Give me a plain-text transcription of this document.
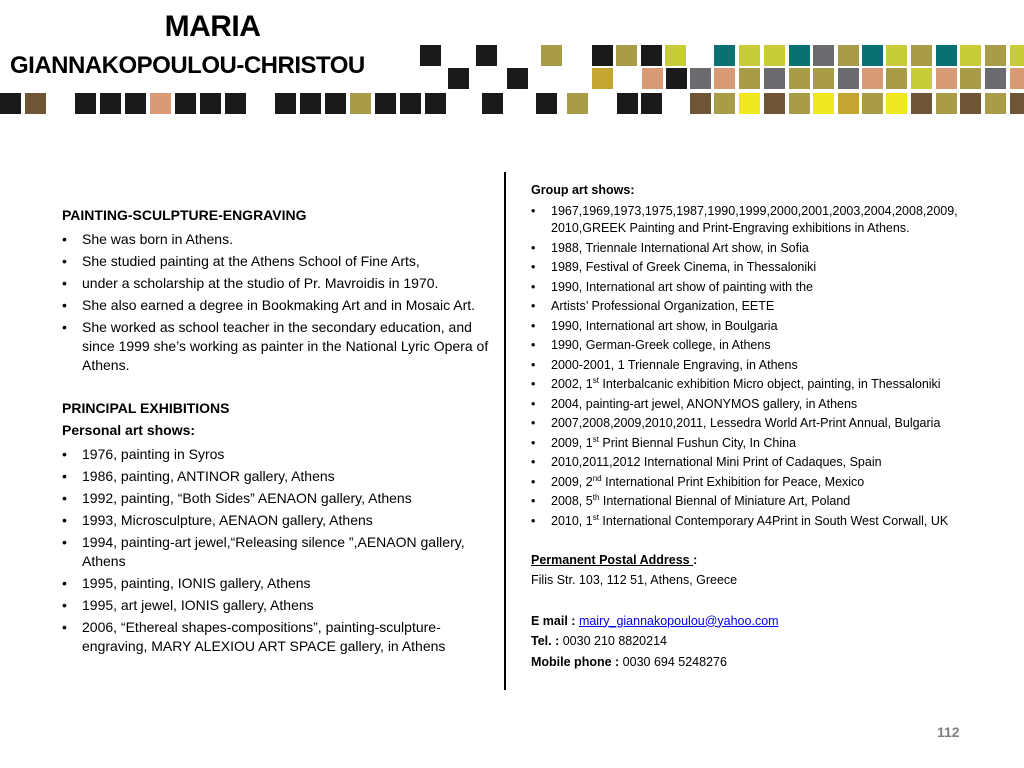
MARIA
GIANNAKOPOULOU-CHRISTOU
PAINTING-SCULPTURE-ENGRAVING
• She was born in Athens.
• She studied painting at the Athens School of Fine Arts,
• under a scholarship at the studio of Pr. Mavroidis in 1970.
• She also earned a degree in Bookmaking Art and in Mosaic Art.
• She worked as school teacher in the secondary education, and since 1999 she’s working as painter in the National Lyric Opera of Athens.
PRINCIPAL EXHIBITIONS
Personal art shows:
• 1976, painting in Syros
• 1986, painting, ANTINOR gallery, Athens
• 1992, painting, “Both Sides” AENAON gallery, Athens
• 1993, Microsculpture, AENAON gallery, Athens
• 1994, painting-art jewel,“Releasing silence ”,AENAON gallery, Athens
• 1995, painting, IONIS gallery, Athens
• 1995, art jewel, IONIS gallery, Athens
• 2006, “Ethereal shapes-compositions”, painting-sculpture-engraving, MARY ALEXIOU ART SPACE gallery, in Athens
Group art shows:
• 1967,1969,1973,1975,1987,1990,1999,2000,2001,2003,2004,2008,2009, 2010,GREEK Painting and Print-Engraving exhibitions in Athens.
• 1988, Triennale International Art show, in Sofia
• 1989, Festival of Greek Cinema, in Thessaloniki
• 1990, International art show of painting with the
• Artists’ Professional Organization, EETE
• 1990, International art show, in Boulgaria
• 1990, German-Greek college, in Athens
• 2000-2001, 1 Triennale Engraving, in Athens
• 2002, 1st Interbalcanic exhibition Micro object, painting, in Thessaloniki
• 2004, painting-art jewel, ANONYMOS gallery, in Athens
• 2007,2008,2009,2010,2011, Lessedra World Art-Print Annual, Bulgaria
• 2009, 1st Print Biennal Fushun City, In China
• 2010,2011,2012 International Mini Print of Cadaques, Spain
• 2009, 2nd International Print Exhibition for Peace, Mexico
• 2008, 5th International Biennal of Miniature Art, Poland
• 2010, 1st International Contemporary A4Print in South West Corwall, UK
Permanent Postal Address :
Filis Str. 103, 112 51, Athens, Greece
E mail : mairy_giannakopoulou@yahoo.com
Tel. : 0030 210 8820214
Mobile phone : 0030 694 5248276
112
